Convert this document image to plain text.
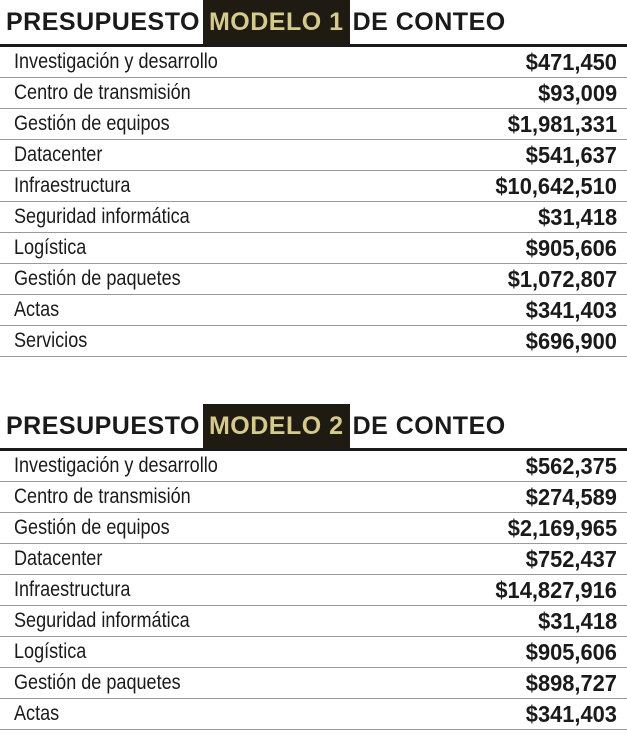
PRESUPUESTO MODELO 1 DE CONTEO
Investigación y desarrollo	$471,450
Centro de transmisión	$93,009
Gestión de equipos	$1,981,331
Datacenter	$541,637
Infraestructura	$10,642,510
Seguridad informática	$31,418
Logística	$905,606
Gestión de paquetes	$1,072,807
Actas	$341,403
Servicios	$696,900
PRESUPUESTO MODELO 2 DE CONTEO
Investigación y desarrollo	$562,375
Centro de transmisión	$274,589
Gestión de equipos	$2,169,965
Datacenter	$752,437
Infraestructura	$14,827,916
Seguridad informática	$31,418
Logística	$905,606
Gestión de paquetes	$898,727
Actas	$341,403
